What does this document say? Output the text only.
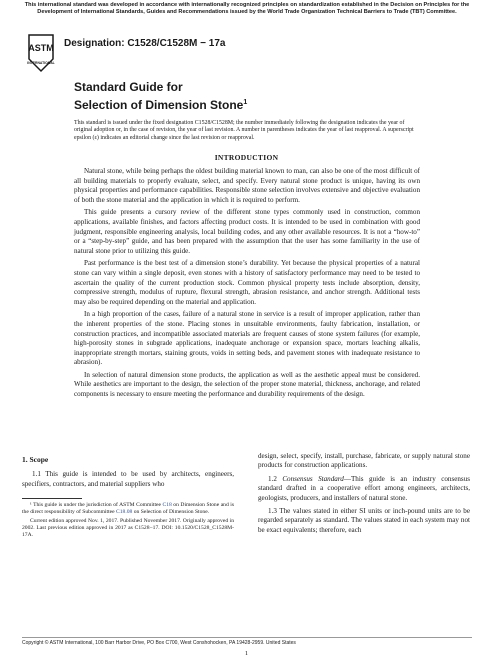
This international standard was developed in accordance with internationally recognized principles on standardization established in the Decision on Principles for the Development of International Standards, Guides and Recommendations issued by the World Trade Organization Technical Barriers to Trade (TBT) Committee.
ASTM
INTERNATIONAL
Designation: C1528/C1528M − 17a
Standard Guide for
Selection of Dimension Stone$^1$
This standard is issued under the fixed designation C1528/C1528M; the number immediately following the designation indicates the year of original adoption or, in the case of revision, the year of last revision. A number in parentheses indicates the year of last reapproval. A superscript epsilon (ε) indicates an editorial change since the last revision or reapproval.
INTRODUCTION

Natural stone, while being perhaps the oldest building material known to man, can also be one of the most difficult of all building materials to properly evaluate, select, and specify. Every natural stone product is unique, having its own physical properties and performance capabilities. Responsible stone selection involves extensive and objective evaluation of both the stone material and the application in which it is required to perform.

This guide presents a cursory review of the different stone types commonly used in construction, common applications, available finishes, and factors affecting product costs. It is intended to be used in combination with good judgment, responsible engineering analysis, local building codes, and any other available resources. It is not a “how-to” or a “step-by-step” guide, and has been prepared with the assumption that the user has some familiarity in the use of natural stone prior to utilizing this guide.

Past performance is the best test of a dimension stone’s durability. Yet because the physical properties of a natural stone can vary within a single deposit, even stones with a history of satisfactory performance may need to be tested to ascertain the quality of the current production stock. Common physical property tests include absorption, density, compressive strength, modulus of rupture, flexural strength, abrasion resistance, and anchor strength. Additional tests may also be required depending on the material and application.

In a high proportion of the cases, failure of a natural stone in service is a result of improper application, rather than the inherent properties of the stone. Placing stones in unsuitable environments, faulty fabrication, installation, or construction practices, and incompatible associated materials are frequent causes of stone system failures (for example, high-porosity stones in subgrade applications, inadequate anchorage or expansion space, mortars leaching alkalis, inappropriate strength mortars, staining grouts, voids in setting beds, and pavement stones with inadequate resistance to abrasion).

In selection of natural dimension stone products, the application as well as the aesthetic appeal must be considered. While aesthetics are important to the design, the selection of the proper stone material, thickness, anchorage, and related components is necessary to ensure meeting the performance and durability requirements of the design.

1. Scope

1.1 This guide is intended to be used by architects, engineers, specifiers, contractors, and material suppliers who

¹ This guide is under the jurisdiction of ASTM Committee C18 on Dimension Stone and is the direct responsibility of Subcommittee C18.08 on Selection of Dimension Stone.

Current edition approved Nov. 1, 2017. Published November 2017. Originally approved in 2002. Last previous edition approved in 2017 as C1528−17. DOI: 10.1520/C1528_C1528M-17A.

design, select, specify, install, purchase, fabricate, or supply natural stone products for construction applications.

1.2 Consensus Standard—This guide is an industry consensus standard drafted in a cooperative effort among engineers, architects, geologists, producers, and installers of natural stone.

1.3 The values stated in either SI units or inch-pound units are to be regarded separately as standard. The values stated in each system may not be exact equivalents; therefore, each

Copyright © ASTM International, 100 Barr Harbor Drive, PO Box C700, West Conshohocken, PA 19428-2959. United States
1
